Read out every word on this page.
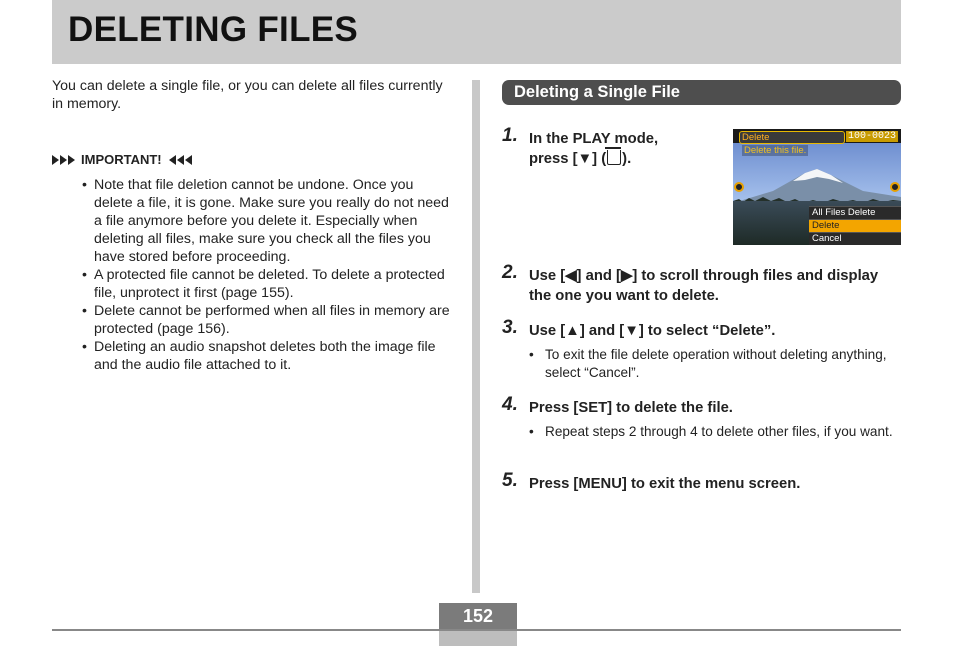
DELETING FILES

You can delete a single file, or you can delete all files currently in memory.

IMPORTANT!
• Note that file deletion cannot be undone. Once you delete a file, it is gone. Make sure you really do not need a file anymore before you delete it. Especially when deleting all files, make sure you check all the files you have stored before proceeding.
• A protected file cannot be deleted. To delete a protected file, unprotect it first (page 155).
• Delete cannot be performed when all files in memory are protected (page 156).
• Deleting an audio snapshot deletes both the image file and the audio file attached to it.
Deleting a Single File
1. In the PLAY mode,
press [▼] ( ).
Delete	100-0023
Delete this file.
All Files Delete
Delete
Cancel
2. Use [◀] and [▶] to scroll through files and display the one you want to delete.
3. Use [▲] and [▼] to select “Delete”.
• To exit the file delete operation without deleting anything, select “Cancel”.
4. Press [SET] to delete the file.
• Repeat steps 2 through 4 to delete other files, if you want.
5. Press [MENU] to exit the menu screen.
152
